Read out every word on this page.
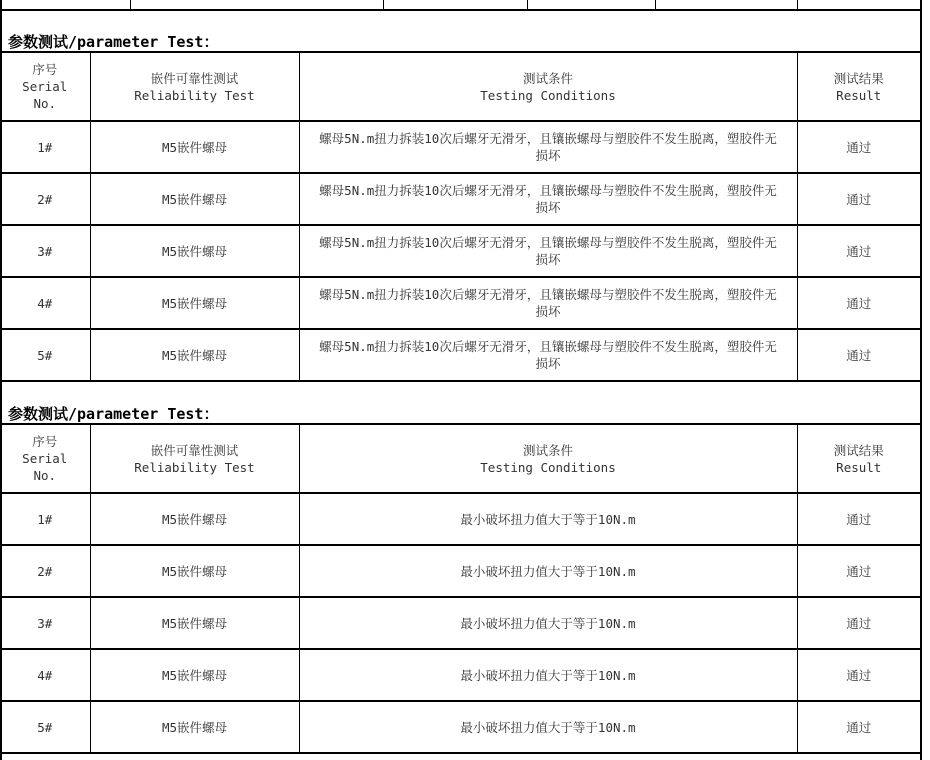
参数测试/parameter Test：
序号
Serial
No.	嵌件可靠性测试
Reliability Test	测试条件
Testing Conditions	测试结果
Result

1#	M5嵌件螺母	螺母5N.m扭力拆装10次后螺牙无滑牙，且镶嵌螺母与塑胶件不发生脱离，塑胶件无损坏	通过
2#	M5嵌件螺母	螺母5N.m扭力拆装10次后螺牙无滑牙，且镶嵌螺母与塑胶件不发生脱离，塑胶件无损坏	通过
3#	M5嵌件螺母	螺母5N.m扭力拆装10次后螺牙无滑牙，且镶嵌螺母与塑胶件不发生脱离，塑胶件无损坏	通过
4#	M5嵌件螺母	螺母5N.m扭力拆装10次后螺牙无滑牙，且镶嵌螺母与塑胶件不发生脱离，塑胶件无损坏	通过
5#	M5嵌件螺母	螺母5N.m扭力拆装10次后螺牙无滑牙，且镶嵌螺母与塑胶件不发生脱离，塑胶件无损坏	通过
参数测试/parameter Test：
序号
Serial
No.	嵌件可靠性测试
Reliability Test	测试条件
Testing Conditions	测试结果
Result

1#	M5嵌件螺母	最小破坏扭力值大于等于10N.m	通过
2#	M5嵌件螺母	最小破坏扭力值大于等于10N.m	通过
3#	M5嵌件螺母	最小破坏扭力值大于等于10N.m	通过
4#	M5嵌件螺母	最小破坏扭力值大于等于10N.m	通过
5#	M5嵌件螺母	最小破坏扭力值大于等于10N.m	通过
